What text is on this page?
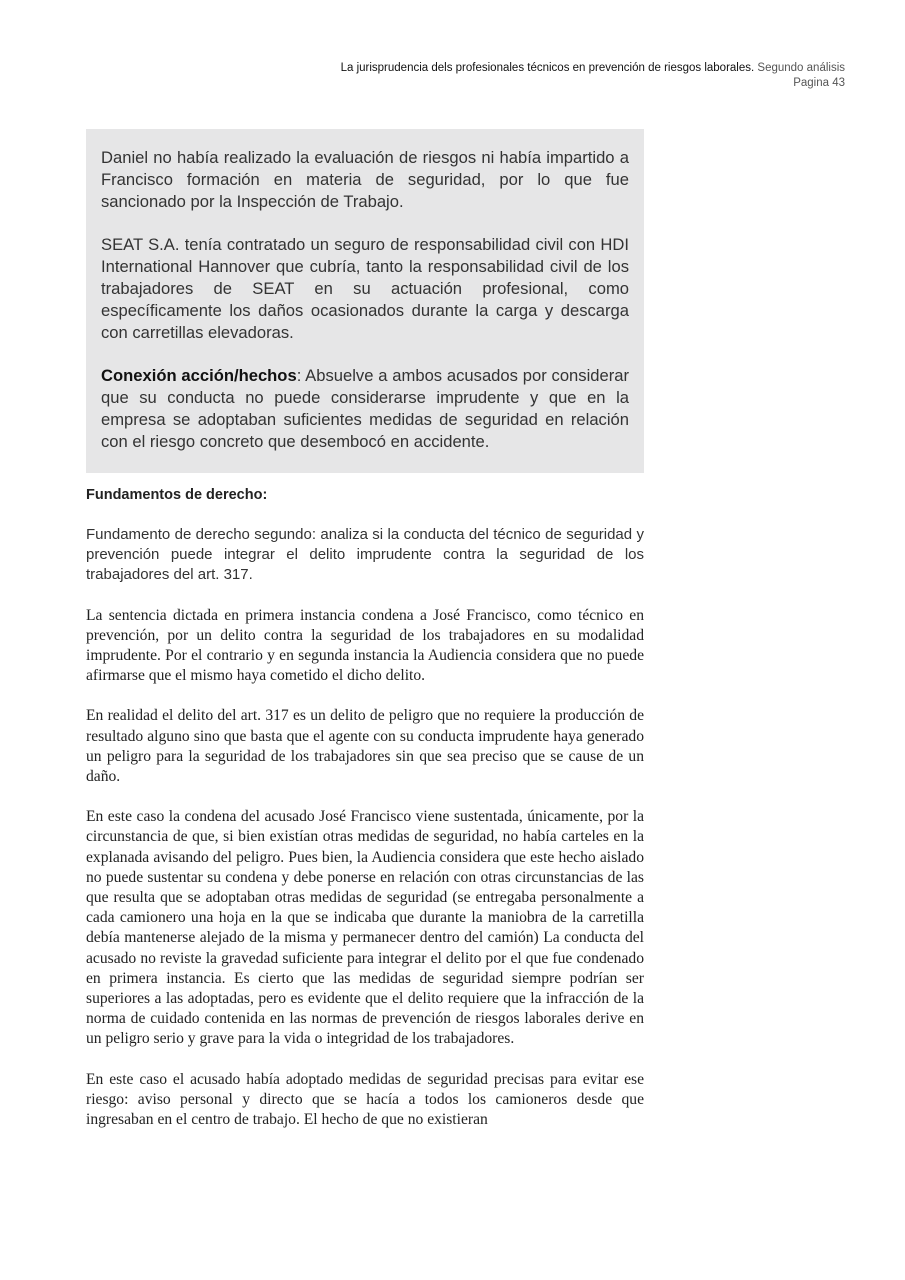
La jurisprudencia dels profesionales técnicos en prevención de riesgos laborales. Segundo análisis
Pagina 43

Daniel no había realizado la evaluación de riesgos ni había impartido a Francisco formación en materia de seguridad, por lo que fue sancionado por la Inspección de Trabajo.

SEAT S.A. tenía contratado un seguro de responsabilidad civil con HDI International Hannover que cubría, tanto la responsabilidad civil de los trabajadores de SEAT en su actuación profesional, como específicamente los daños ocasionados durante la carga y descarga con carretillas elevadoras.

Conexión acción/hechos: Absuelve a ambos acusados por considerar que su conducta no puede considerarse imprudente y que en la empresa se adoptaban suficientes medidas de seguridad en relación con el riesgo concreto que desembocó en accidente.

Fundamentos de derecho:

Fundamento de derecho segundo: analiza si la conducta del técnico de seguridad y prevención puede integrar el delito imprudente contra la seguridad de los trabajadores del art. 317.

La sentencia dictada en primera instancia condena a José Francisco, como técnico en prevención, por un delito contra la seguridad de los trabajadores en su modalidad imprudente. Por el contrario y en segunda instancia la Audiencia considera que no puede afirmarse que el mismo haya cometido el dicho delito.

En realidad el delito del art. 317 es un delito de peligro que no requiere la producción de resultado alguno sino que basta que el agente con su conducta imprudente haya generado un peligro para la seguridad de los trabajadores sin que sea preciso que se cause de un daño.

En este caso la condena del acusado José Francisco viene sustentada, únicamente, por la circunstancia de que, si bien existían otras medidas de seguridad, no había carteles en la explanada avisando del peligro. Pues bien, la Audiencia considera que este hecho aislado no puede sustentar su condena y debe ponerse en relación con otras circunstancias de las que resulta que se adoptaban otras medidas de seguridad (se entregaba personalmente a cada camionero una hoja en la que se indicaba que durante la maniobra de la carretilla debía mantenerse alejado de la misma y permanecer dentro del camión) La conducta del acusado no reviste la gravedad suficiente para integrar el delito por el que fue condenado en primera instancia. Es cierto que las medidas de seguridad siempre podrían ser superiores a las adoptadas, pero es evidente que el delito requiere que la infracción de la norma de cuidado contenida en las normas de prevención de riesgos laborales derive en un peligro serio y grave para la vida o integridad de los trabajadores.

En este caso el acusado había adoptado medidas de seguridad precisas para evitar ese riesgo: aviso personal y directo que se hacía a todos los camioneros desde que ingresaban en el centro de trabajo. El hecho de que no existieran
